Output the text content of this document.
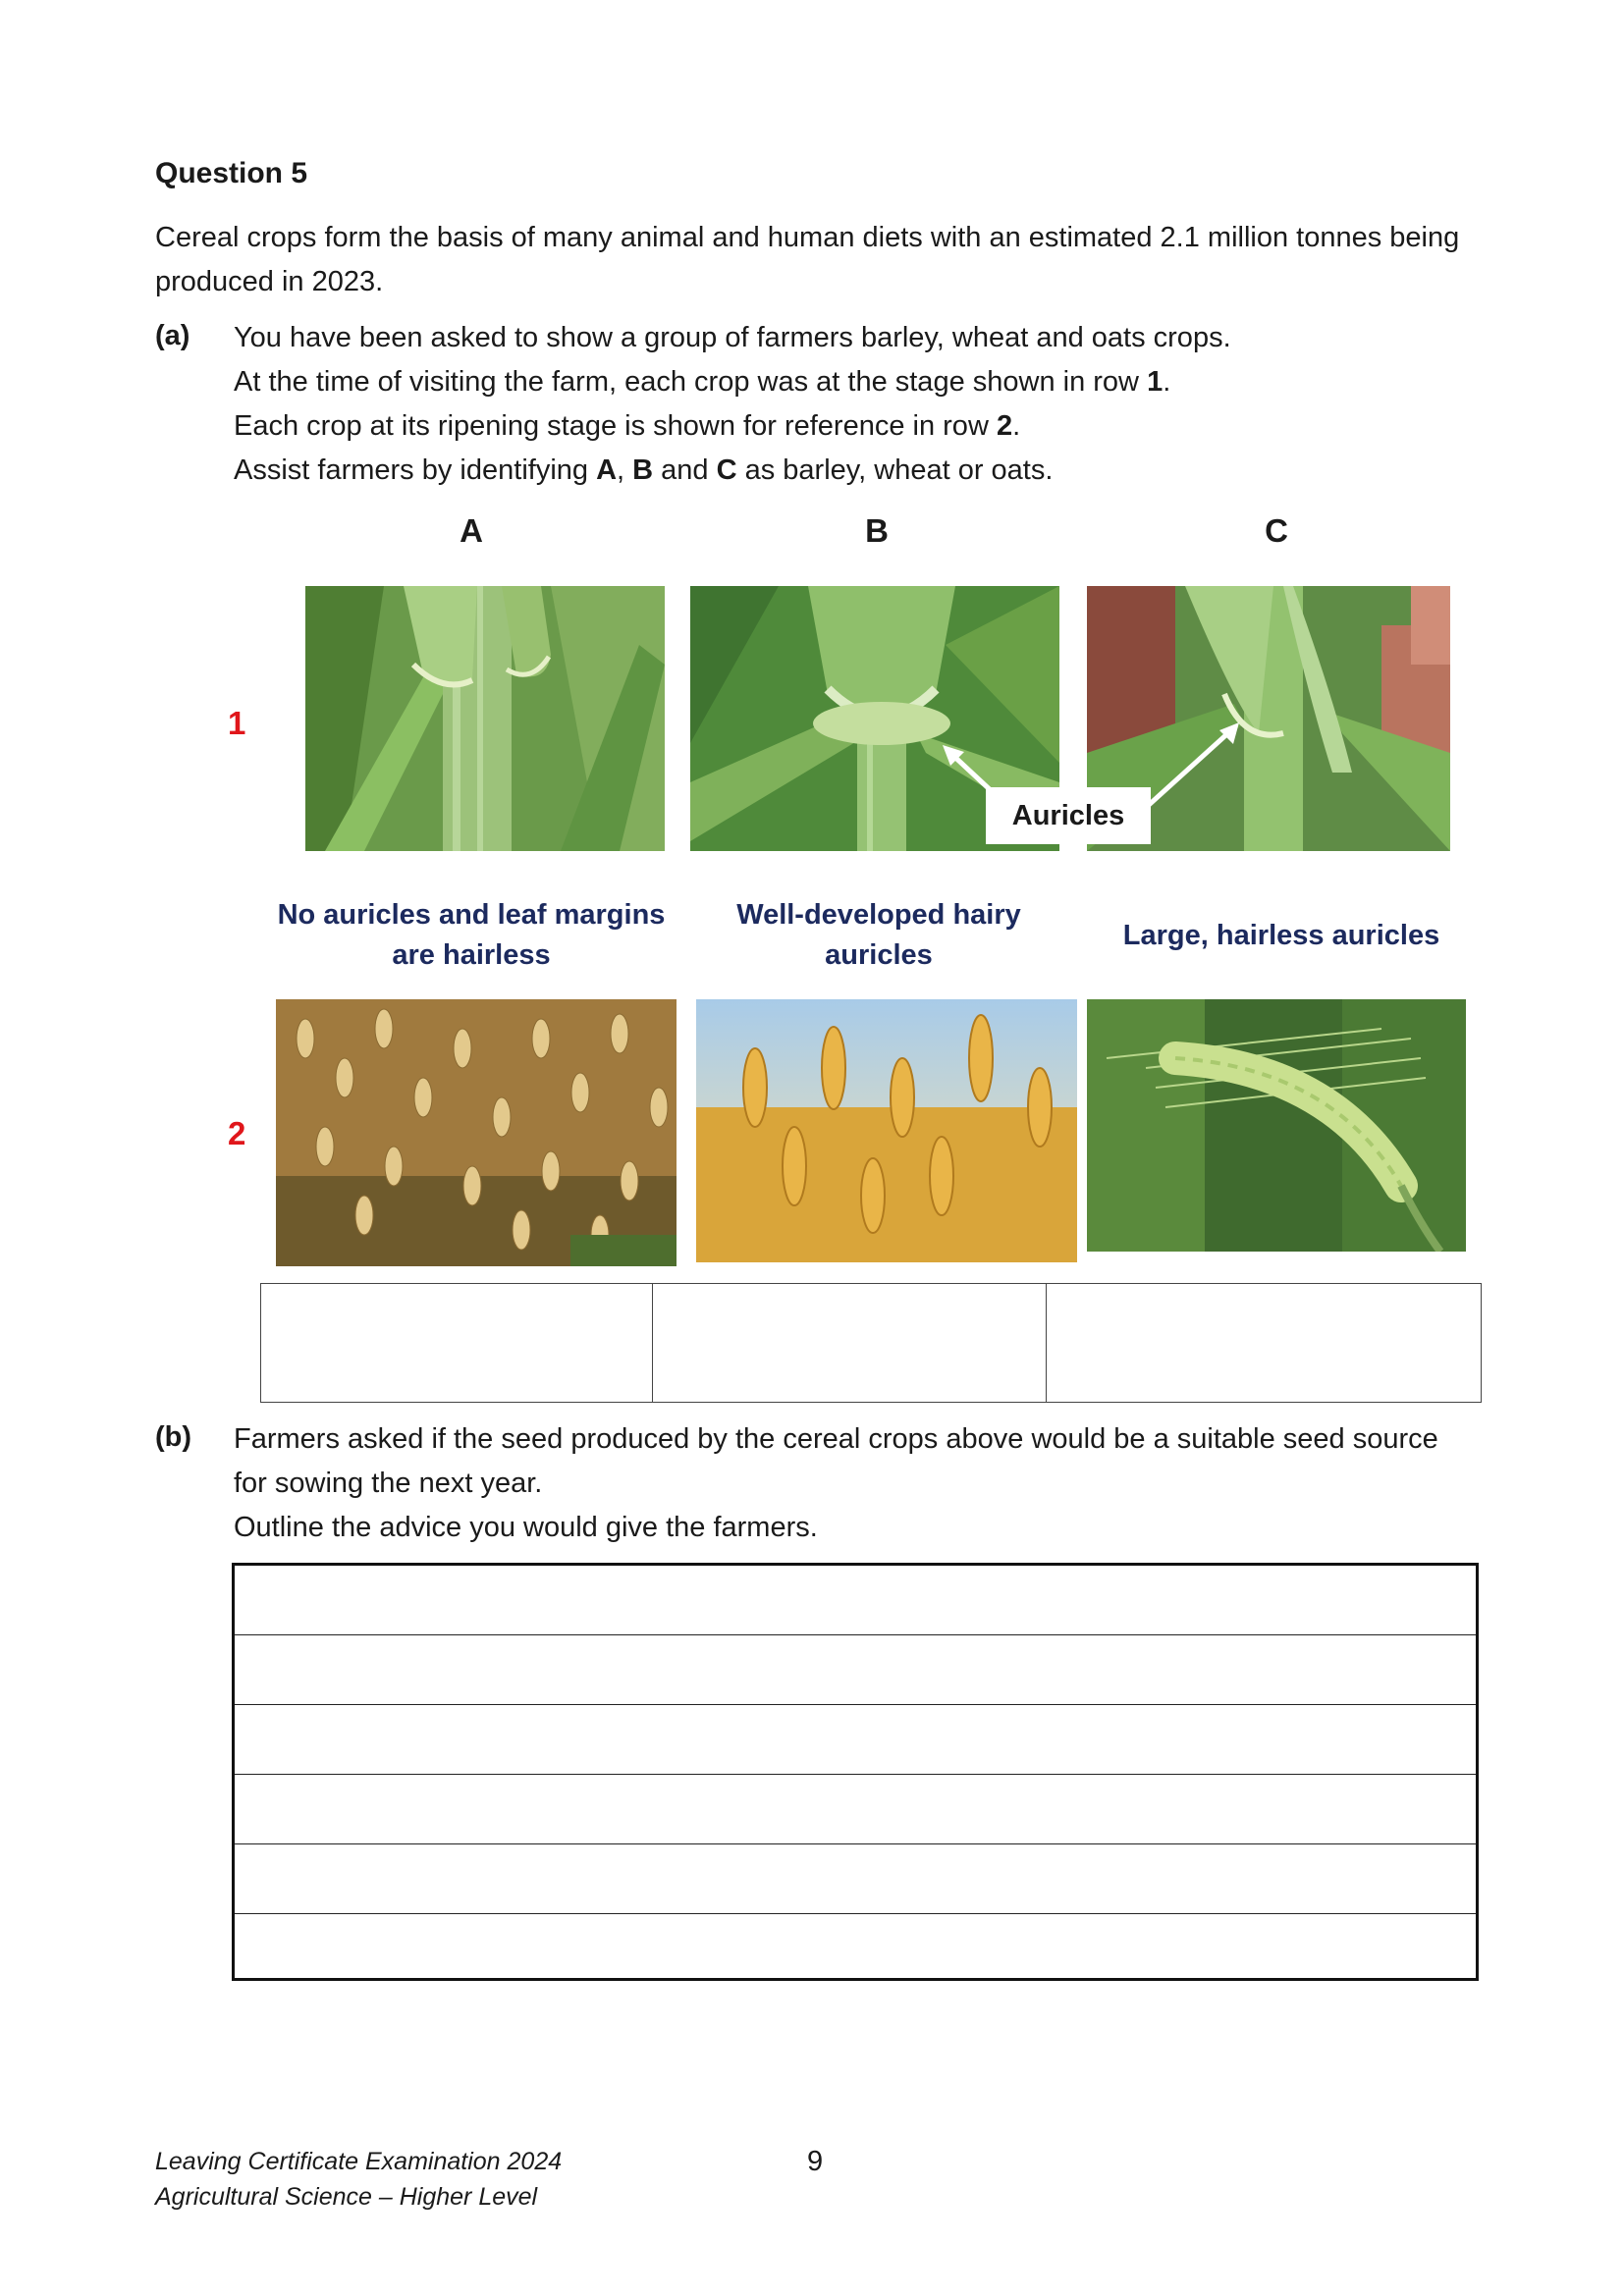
Question 5
Cereal crops form the basis of many animal and human diets with an estimated 2.1 million tonnes being produced in 2023.
(a) You have been asked to show a group of farmers barley, wheat and oats crops.
At the time of visiting the farm, each crop was at the stage shown in row 1.
Each crop at its ripening stage is shown for reference in row 2.
Assist farmers by identifying A, B and C as barley, wheat or oats.
A	B	C
1
2
Auricles
No auricles and leaf margins are hairless
Well-developed hairy auricles
Large, hairless auricles

(b) Farmers asked if the seed produced by the cereal crops above would be a suitable seed source for sowing the next year.
Outline the advice you would give the farmers.
Leaving Certificate Examination 2024
Agricultural Science – Higher Level
9
